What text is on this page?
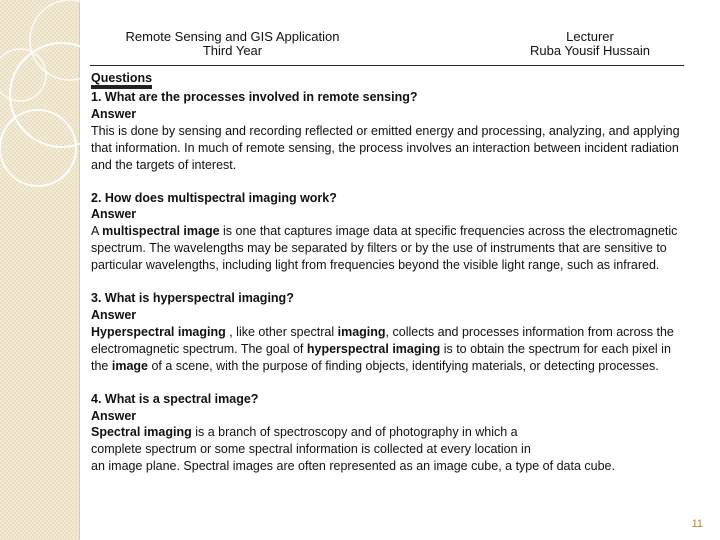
Remote Sensing and GIS Application
Third Year
Lecturer
Ruba Yousif Hussain
Questions

1. What are the processes involved in remote sensing?

Answer

This is done by sensing and recording reflected or emitted energy and processing, analyzing, and applying that information. In much of remote sensing, the process involves an interaction between incident radiation and the targets of interest.

2. How does multispectral imaging work?

Answer

A multispectral image is one that captures image data at specific frequencies across the electromagnetic spectrum. The wavelengths may be separated by filters or by the use of instruments that are sensitive to particular wavelengths, including light from frequencies beyond the visible light range, such as infrared.

3. What is hyperspectral imaging?

Answer

Hyperspectral imaging , like other spectral imaging, collects and processes information from across the electromagnetic spectrum. The goal of hyperspectral imaging is to obtain the spectrum for each pixel in the image of a scene, with the purpose of finding objects, identifying materials, or detecting processes.

4. What is a spectral image?

Answer

Spectral imaging is a branch of spectroscopy and of photography in which a
complete spectrum or some spectral information is collected at every location in
an image plane. Spectral images are often represented as an image cube, a type of data cube.

11
